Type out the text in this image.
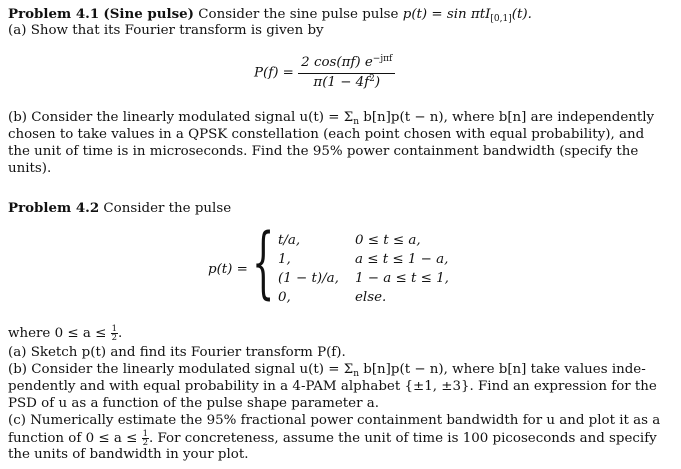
Problem 4.1 (Sine pulse) Consider the sine pulse pulse p(t) = sin πtI$_{[0,1]}$(t).
(a) Show that its Fourier transform is given by
$P(f) = \frac{2 \cos(\pi f) e^{-j\pi f}}{\pi(1 - 4f^2)}$
(b) Consider the linearly modulated signal $u(t) = \Sigma_n$ b[n]p(t − n), where b[n] are independently
chosen to take values in a QPSK constellation (each point chosen with equal probability), and
the unit of time is in microseconds. Find the 95% power containment bandwidth (specify the
units).
Problem 4.2 Consider the pulse
p(t) = { t/a,	0 ≤ t ≤ a,
1,	a ≤ t ≤ 1 − a,
(1 − t)/a, 1 − a ≤ t ≤ 1,
0,	else.
where $0 \le a \le \frac{1}{2}$ .
(a) Sketch p(t) and find its Fourier transform P(f).
(b) Consider the linearly modulated signal $u(t) = \Sigma_n$ b[n]p(t − n), where b[n] take values inde-
pendently and with equal probability in a 4-PAM alphabet {±1, ±3}. Find an expression for the
PSD of u as a function of the pulse shape parameter a.
(c) Numerically estimate the 95% fractional power containment bandwidth for u and plot it as a
function of $0 \le a \le \frac{1}{2}$ . For concreteness, assume the unit of time is 100 picoseconds and specify
the units of bandwidth in your plot.
